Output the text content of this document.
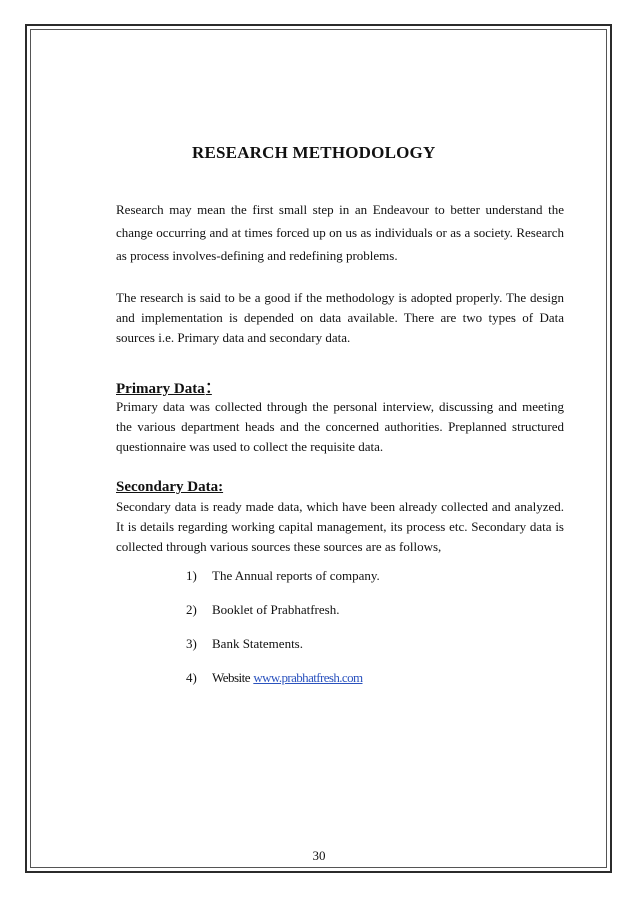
RESEARCH METHODOLOGY

Research may mean the first small step in an Endeavour to better understand the change occurring and at times forced up on us as individuals or as a society. Research as process involves-defining and redefining problems.

The research is said to be a good if the methodology is adopted properly. The design and implementation is depended on data available. There are two types of Data sources i.e. Primary data and secondary data.

Primary Data:

Primary data was collected through the personal interview, discussing and meeting the various department heads and the concerned authorities. Preplanned structured questionnaire was used to collect the requisite data.

Secondary Data:

Secondary data is ready made data, which have been already collected and analyzed. It is details regarding working capital management, its process etc. Secondary data is collected through various sources these sources are as follows,

1) The Annual reports of company.
2) Booklet of Prabhatfresh.
3) Bank Statements.
4) Website www.prabhatfresh.com

30
